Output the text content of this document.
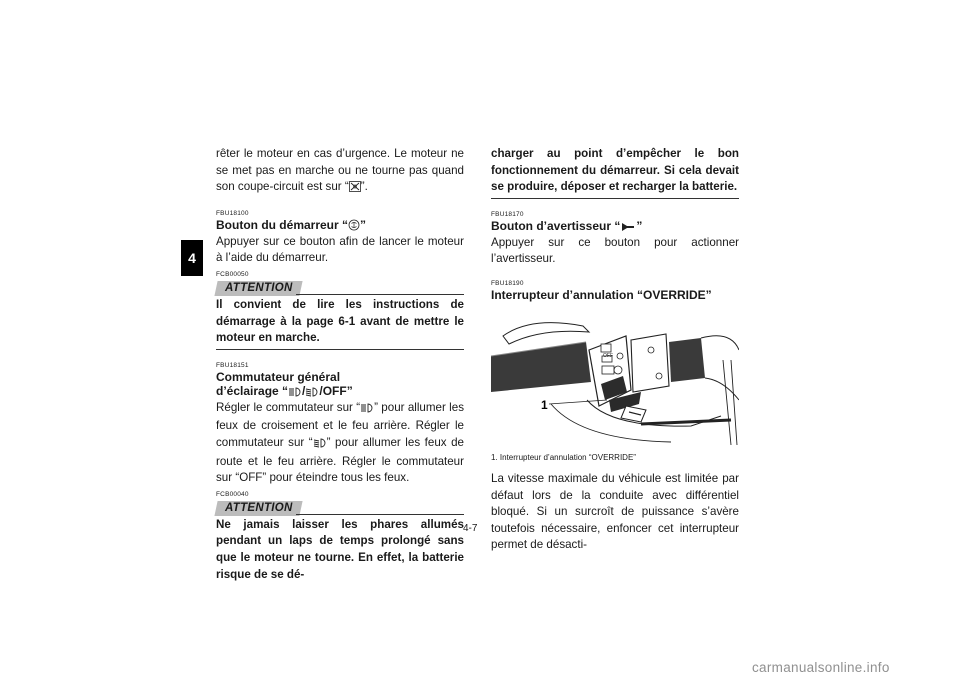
4

rêter le moteur en cas d’urgence. Le moteur ne se met pas en marche ou ne tourne pas quand son coupe-circuit est sur “ ”.

FBU18100

Bouton du démarreur “ ”

Appuyer sur ce bouton afin de lancer le moteur à l’aide du démarreur.

FCB00050
ATTENTION

Il convient de lire les instructions de démarrage à la page 6-1 avant de mettre le moteur en marche.

FBU18151

Commutateur général

d’éclairage “ / /OFF”

Régler le commutateur sur “ ” pour allumer les feux de croisement et le feu arrière. Régler le commutateur sur “ ” pour allumer les feux de route et le feu arrière. Régler le commutateur sur “OFF” pour éteindre tous les feux.

FCB00040
ATTENTION

Ne jamais laisser les phares allumés pendant un laps de temps prolongé sans que le moteur ne tourne. En effet, la batterie risque de se dé-

charger au point d’empêcher le bon fonctionnement du démarreur. Si cela devait se produire, déposer et recharger la batterie.

FBU18170

Bouton d’avertisseur “ ”

Appuyer sur ce bouton pour actionner l’avertisseur.

FBU18190

Interrupteur d’annulation “OVERRIDE”

OFF
1
1. Interrupteur d’annulation “OVERRIDE”

La vitesse maximale du véhicule est limitée par défaut lors de la conduite avec différentiel bloqué. Si un surcroît de puissance s’avère toutefois nécessaire, enfoncer cet interrupteur permet de désacti-

4-7
carmanualsonline.info
